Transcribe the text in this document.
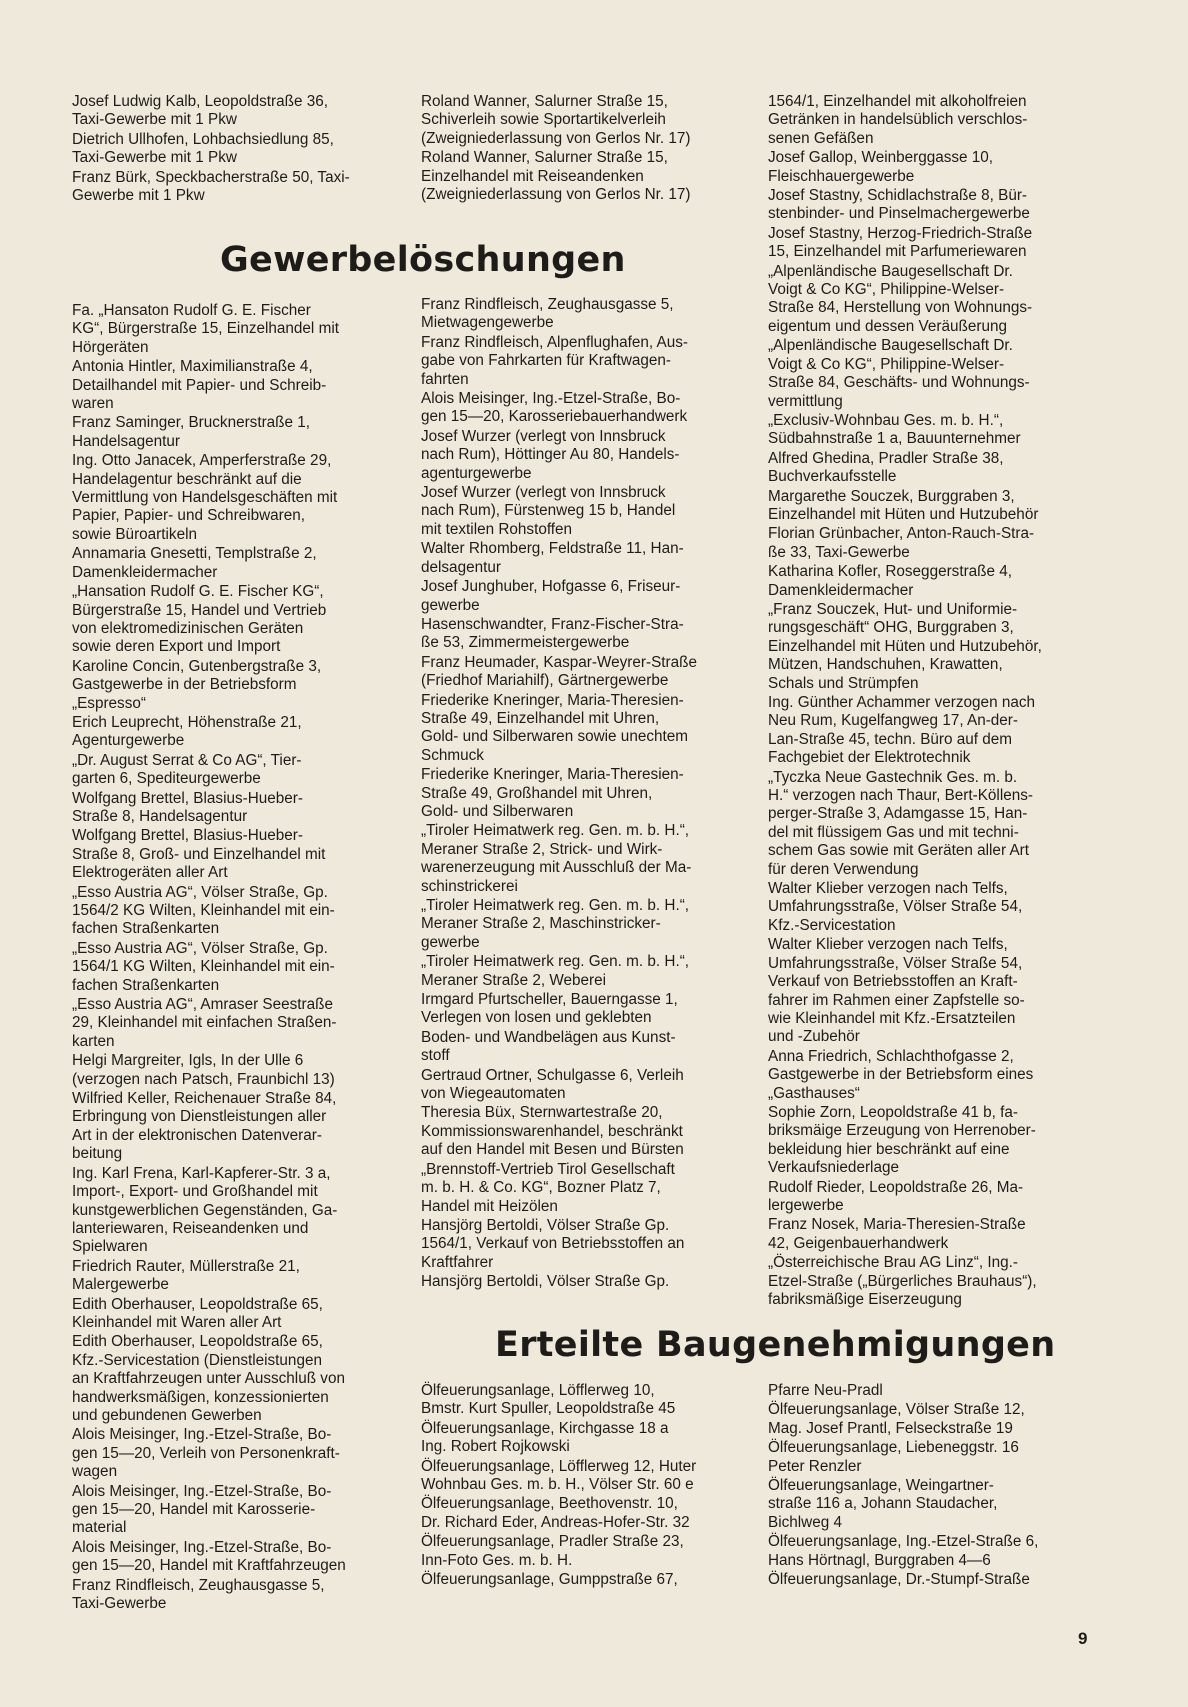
Josef Ludwig Kalb, Leopoldstraße 36,
Taxi-Gewerbe mit 1 Pkw
Dietrich Ullhofen, Lohbachsiedlung 85,
Taxi-Gewerbe mit 1 Pkw
Franz Bürk, Speckbacherstraße 50, Taxi-
Gewerbe mit 1 Pkw
Roland Wanner, Salurner Straße 15,
Schiverleih sowie Sportartikelverleih
(Zweigniederlassung von Gerlos Nr. 17)
Roland Wanner, Salurner Straße 15,
Einzelhandel mit Reiseandenken
(Zweigniederlassung von Gerlos Nr. 17)
1564/1, Einzelhandel mit alkoholfreien
Getränken in handelsüblich verschlos-
senen Gefäßen
Josef Gallop, Weinberggasse 10,
Fleischhauergewerbe
Josef Stastny, Schidlachstraße 8, Bür-
stenbinder- und Pinselmachergewerbe
Josef Stastny, Herzog-Friedrich-Straße
15, Einzelhandel mit Parfumeriewaren
„Alpenländische Baugesellschaft Dr.
Voigt & Co KG“, Philippine-Welser-
Straße 84, Herstellung von Wohnungs-
eigentum und dessen Veräußerung
„Alpenländische Baugesellschaft Dr.
Voigt & Co KG“, Philippine-Welser-
Straße 84, Geschäfts- und Wohnungs-
vermittlung
„Exclusiv-Wohnbau Ges. m. b. H.“,
Südbahnstraße 1 a, Bauunternehmer
Alfred Ghedina, Pradler Straße 38,
Buchverkaufsstelle
Margarethe Souczek, Burggraben 3,
Einzelhandel mit Hüten und Hutzubehör
Florian Grünbacher, Anton-Rauch-Stra-
ße 33, Taxi-Gewerbe
Katharina Kofler, Roseggerstraße 4,
Damenkleidermacher
„Franz Souczek, Hut- und Uniformie-
rungsgeschäft“ OHG, Burggraben 3,
Einzelhandel mit Hüten und Hutzubehör,
Mützen, Handschuhen, Krawatten,
Schals und Strümpfen
Ing. Günther Achammer verzogen nach
Neu Rum, Kugelfangweg 17, An-der-
Lan-Straße 45, techn. Büro auf dem
Fachgebiet der Elektrotechnik
„Tyczka Neue Gastechnik Ges. m. b.
H.“ verzogen nach Thaur, Bert-Köllens-
perger-Straße 3, Adamgasse 15, Han-
del mit flüssigem Gas und mit techni-
schem Gas sowie mit Geräten aller Art
für deren Verwendung
Walter Klieber verzogen nach Telfs,
Umfahrungsstraße, Völser Straße 54,
Kfz.-Servicestation
Walter Klieber verzogen nach Telfs,
Umfahrungsstraße, Völser Straße 54,
Verkauf von Betriebsstoffen an Kraft-
fahrer im Rahmen einer Zapfstelle so-
wie Kleinhandel mit Kfz.-Ersatzteilen
und -Zubehör
Anna Friedrich, Schlachthofgasse 2,
Gastgewerbe in der Betriebsform eines
„Gasthauses“
Sophie Zorn, Leopoldstraße 41 b, fa-
briksmäige Erzeugung von Herrenober-
bekleidung hier beschränkt auf eine
Verkaufsniederlage
Rudolf Rieder, Leopoldstraße 26, Ma-
lergewerbe
Franz Nosek, Maria-Theresien-Straße
42, Geigenbauerhandwerk
„Österreichische Brau AG Linz“, Ing.-
Etzel-Straße („Bürgerliches Brauhaus“),
fabriksmäßige Eiserzeugung
Gewerbelöschungen
Fa. „Hansaton Rudolf G. E. Fischer
KG“, Bürgerstraße 15, Einzelhandel mit
Hörgeräten
Antonia Hintler, Maximilianstraße 4,
Detailhandel mit Papier- und Schreib-
waren
Franz Saminger, Brucknerstraße 1,
Handelsagentur
Ing. Otto Janacek, Amperferstraße 29,
Handelagentur beschränkt auf die
Vermittlung von Handelsgeschäften mit
Papier, Papier- und Schreibwaren,
sowie Büroartikeln
Annamaria Gnesetti, Templstraße 2,
Damenkleidermacher
„Hansation Rudolf G. E. Fischer KG“,
Bürgerstraße 15, Handel und Vertrieb
von elektromedizinischen Geräten
sowie deren Export und Import
Karoline Concin, Gutenbergstraße 3,
Gastgewerbe in der Betriebsform
„Espresso“
Erich Leuprecht, Höhenstraße 21,
Agenturgewerbe
„Dr. August Serrat & Co AG“, Tier-
garten 6, Speditеurgewerbe
Wolfgang Brettel, Blasius-Hueber-
Straße 8, Handelsagentur
Wolfgang Brettel, Blasius-Hueber-
Straße 8, Groß- und Einzelhandel mit
Elektrogeräten aller Art
„Esso Austria AG“, Völser Straße, Gp.
1564/2 KG Wilten, Kleinhandel mit ein-
fachen Straßenkarten
„Esso Austria AG“, Völser Straße, Gp.
1564/1 KG Wilten, Kleinhandel mit ein-
fachen Straßenkarten
„Esso Austria AG“, Amraser Seestraße
29, Kleinhandel mit einfachen Straßen-
karten
Helgi Margreiter, Igls, In der Ulle 6
(verzogen nach Patsch, Fraunbichl 13)
Wilfried Keller, Reichenauer Straße 84,
Erbringung von Dienstleistungen aller
Art in der elektronischen Datenverar-
beitung
Ing. Karl Frena, Karl-Kapferer-Str. 3 a,
Import-, Export- und Großhandel mit
kunstgewerblichen Gegenständen, Ga-
lanteriewaren, Reiseandenken und
Spielwaren
Friedrich Rauter, Müllerstraße 21,
Malergewerbe
Edith Oberhauser, Leopoldstraße 65,
Kleinhandel mit Waren aller Art
Edith Oberhauser, Leopoldstraße 65,
Kfz.-Servicestation (Dienstleistungen
an Kraftfahrzeugen unter Ausschluß von
handwerksmäßigen, konzessionierten
und gebundenen Gewerben
Alois Meisinger, Ing.-Etzel-Straße, Bo-
gen 15—20, Verleih von Personenkraft-
wagen
Alois Meisinger, Ing.-Etzel-Straße, Bo-
gen 15—20, Handel mit Karosserie-
material
Alois Meisinger, Ing.-Etzel-Straße, Bo-
gen 15—20, Handel mit Kraftfahrzeugen
Franz Rindfleisch, Zeughausgasse 5,
Taxi-Gewerbe
Franz Rindfleisch, Zeughausgasse 5,
Mietwagengewerbe
Franz Rindfleisch, Alpenflughafen, Aus-
gabe von Fahrkarten für Kraftwagen-
fahrten
Alois Meisinger, Ing.-Etzel-Straße, Bo-
gen 15—20, Karosseriebauerhandwerk
Josef Wurzer (verlegt von Innsbruck
nach Rum), Höttinger Au 80, Handels-
agenturgewerbe
Josef Wurzer (verlegt von Innsbruck
nach Rum), Fürstenweg 15 b, Handel
mit textilen Rohstoffen
Walter Rhomberg, Feldstraße 11, Han-
delsagentur
Josef Junghuber, Hofgasse 6, Friseur-
gewerbe
Hasenschwandter, Franz-Fischer-Stra-
ße 53, Zimmermeistergewerbe
Franz Heumader, Kaspar-Weyrer-Straße
(Friedhof Mariahilf), Gärtnergewerbe
Friederike Kneringer, Maria-Theresien-
Straße 49, Einzelhandel mit Uhren,
Gold- und Silberwaren sowie unechtem
Schmuck
Friederike Kneringer, Maria-Theresien-
Straße 49, Großhandel mit Uhren,
Gold- und Silberwaren
„Tiroler Heimatwerk reg. Gen. m. b. H.“,
Meraner Straße 2, Strick- und Wirk-
warenerzeugung mit Ausschluß der Ma-
schinstrickerei
„Tiroler Heimatwerk reg. Gen. m. b. H.“,
Meraner Straße 2, Maschinstricker-
gewerbe
„Tiroler Heimatwerk reg. Gen. m. b. H.“,
Meraner Straße 2, Weberei
Irmgard Pfurtscheller, Bauerngasse 1,
Verlegen von losen und geklebten
Boden- und Wandbelägen aus Kunst-
stoff
Gertraud Ortner, Schulgasse 6, Verleih
von Wiegeautomaten
Theresia Büx, Sternwartestraße 20,
Kommissionswarenhandel, beschränkt
auf den Handel mit Besen und Bürsten
„Brennstoff-Vertrieb Tirol Gesellschaft
m. b. H. & Co. KG“, Bozner Platz 7,
Handel mit Heizölen
Hansjörg Bertoldi, Völser Straße Gp.
1564/1, Verkauf von Betriebsstoffen an
Kraftfahrer
Hansjörg Bertoldi, Völser Straße Gp.
Erteilte Baugenehmigungen
Ölfeuerungsanlage, Löfflerweg 10,
Bmstr. Kurt Spuller, Leopoldstraße 45
Ölfeuerungsanlage, Kirchgasse 18 a
Ing. Robert Rojkowski
Ölfeuerungsanlage, Löfflerweg 12, Huter
Wohnbau Ges. m. b. H., Völser Str. 60 e
Ölfeuerungsanlage, Beethovenstr. 10,
Dr. Richard Eder, Andreas-Hofer-Str. 32
Ölfeuerungsanlage, Pradler Straße 23,
Inn-Foto Ges. m. b. H.
Ölfeuerungsanlage, Gumppstraße 67,
Pfarre Neu-Pradl
Ölfeuerungsanlage, Völser Straße 12,
Mag. Josef Prantl, Felseckstraße 19
Ölfeuerungsanlage, Liebeneggstr. 16
Peter Renzler
Ölfeuerungsanlage, Weingartner-
straße 116 a, Johann Staudacher,
Bichlweg 4
Ölfeuerungsanlage, Ing.-Etzel-Straße 6,
Hans Hörtnagl, Burggraben 4—6
Ölfeuerungsanlage, Dr.-Stumpf-Straße
9
